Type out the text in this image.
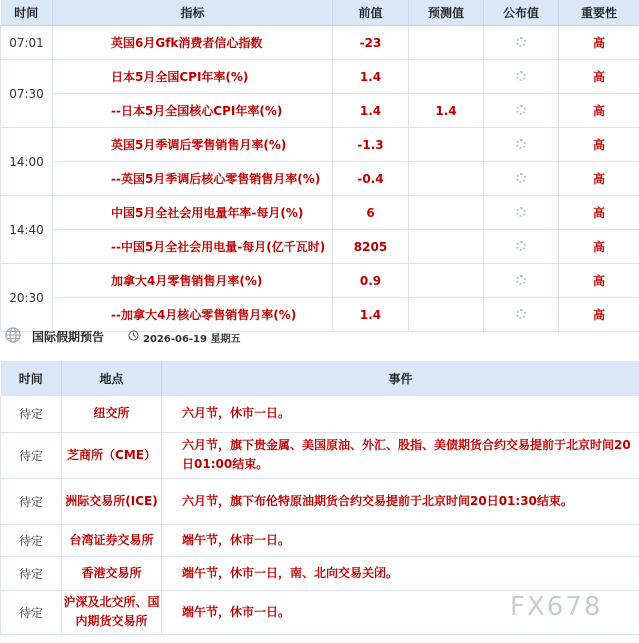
时间	指标	前值	预测值	公布值	重要性
07:01	英国6月Gfk消费者信心指数	-23			高
07:30	日本5月全国CPI年率(%)	1.4			高
	--日本5月全国核心CPI年率(%)	1.4	1.4		高
14:00	英国5月季调后零售销售月率(%)	-1.3			高
	--英国5月季调后核心零售销售月率(%)	-0.4			高
14:40	中国5月全社会用电量年率-每月(%)	6			高
	--中国5月全社会用电量-每月(亿千瓦时)	8205			高
20:30	加拿大4月零售销售月率(%)	0.9			高
	--加拿大4月核心零售销售月率(%)	1.4			高
国际假期预告	2026-06-19 星期五
时间	地点	事件
待定	纽交所	六月节，休市一日。
待定	芝商所（CME）	六月节，旗下贵金属、美国原油、外汇、股指、美债期货合约交易提前于北京时间20日01:00结束。
待定	洲际交易所(ICE)	六月节，旗下布伦特原油期货合约交易提前于北京时间20日01:30结束。
待定	台湾证券交易所	端午节，休市一日。
待定	香港交易所	端午节，休市一日，南、北向交易关闭。
待定	沪深及北交所、国内期货交易所	端午节，休市一日。	FX678
